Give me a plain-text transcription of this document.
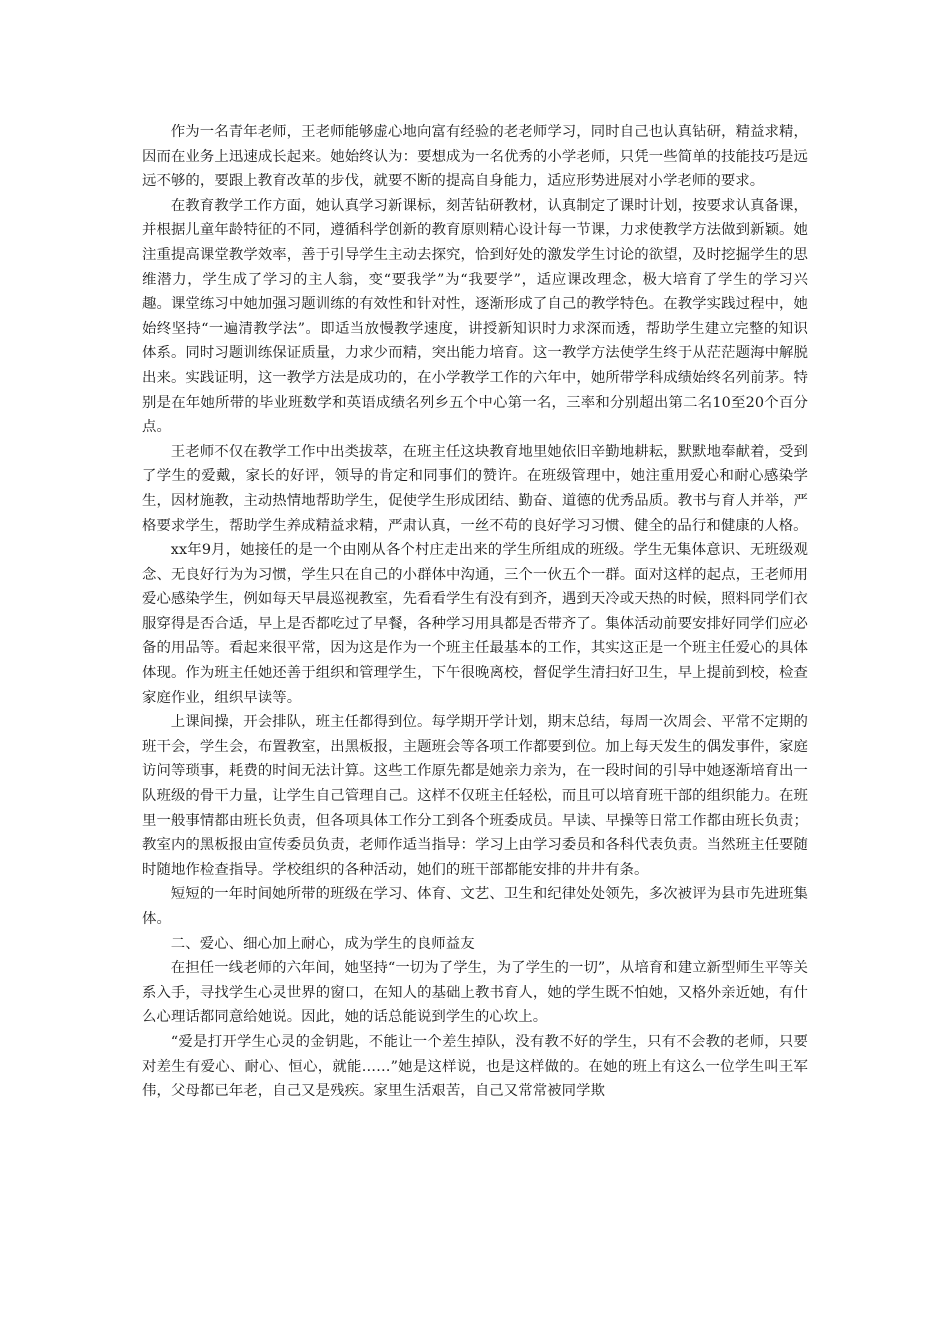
作为一名青年老师，王老师能够虚心地向富有经验的老老师学习，同时自己也认真钻研，精益求精，因而在业务上迅速成长起来。她始终认为：要想成为一名优秀的小学老师，只凭一些简单的技能技巧是远远不够的，要跟上教育改革的步伐，就要不断的提高自身能力，适应形势进展对小学老师的要求。

在教育教学工作方面，她认真学习新课标，刻苦钻研教材，认真制定了课时计划，按要求认真备课，并根据儿童年龄特征的不同，遵循科学创新的教育原则精心设计每一节课，力求使教学方法做到新颖。她注重提高课堂教学效率，善于引导学生主动去探究，恰到好处的激发学生讨论的欲望，及时挖掘学生的思维潜力，学生成了学习的主人翁，变“要我学”为“我要学”，适应课改理念，极大培育了学生的学习兴趣。课堂练习中她加强习题训练的有效性和针对性，逐渐形成了自己的教学特色。在教学实践过程中，她始终坚持“一遍清教学法”。即适当放慢教学速度，讲授新知识时力求深而透，帮助学生建立完整的知识体系。同时习题训练保证质量，力求少而精，突出能力培育。这一教学方法使学生终于从茫茫题海中解脱出来。实践证明，这一教学方法是成功的，在小学教学工作的六年中，她所带学科成绩始终名列前茅。特别是在年她所带的毕业班数学和英语成绩名列乡五个中心第一名，三率和分别超出第二名10至20个百分点。

王老师不仅在教学工作中出类拔萃，在班主任这块教育地里她依旧辛勤地耕耘，默默地奉献着，受到了学生的爱戴，家长的好评，领导的肯定和同事们的赞许。在班级管理中，她注重用爱心和耐心感染学生，因材施教，主动热情地帮助学生，促使学生形成团结、勤奋、道德的优秀品质。教书与育人并举，严格要求学生，帮助学生养成精益求精，严肃认真，一丝不苟的良好学习习惯、健全的品行和健康的人格。

xx年9月，她接任的是一个由刚从各个村庄走出来的学生所组成的班级。学生无集体意识、无班级观念、无良好行为为习惯，学生只在自己的小群体中沟通，三个一伙五个一群。面对这样的起点，王老师用爱心感染学生，例如每天早晨巡视教室，先看看学生有没有到齐，遇到天冷或天热的时候，照料同学们衣服穿得是否合适，早上是否都吃过了早餐，各种学习用具都是否带齐了。集体活动前要安排好同学们应必备的用品等。看起来很平常，因为这是作为一个班主任最基本的工作，其实这正是一个班主任爱心的具体体现。作为班主任她还善于组织和管理学生，下午很晚离校，督促学生清扫好卫生，早上提前到校，检查家庭作业，组织早读等。

上课间操，开会排队，班主任都得到位。每学期开学计划，期末总结，每周一次周会、平常不定期的班干会，学生会，布置教室，出黑板报，主题班会等各项工作都要到位。加上每天发生的偶发事件，家庭访问等琐事，耗费的时间无法计算。这些工作原先都是她亲力亲为，在一段时间的引导中她逐渐培育出一队班级的骨干力量，让学生自己管理自己。这样不仅班主任轻松，而且可以培育班干部的组织能力。在班里一般事情都由班长负责，但各项具体工作分工到各个班委成员。早读、早操等日常工作都由班长负责；教室内的黑板报由宣传委员负责，老师作适当指导：学习上由学习委员和各科代表负责。当然班主任要随时随地作检查指导。学校组织的各种活动，她们的班干部都能安排的井井有条。

短短的一年时间她所带的班级在学习、体育、文艺、卫生和纪律处处领先，多次被评为县市先进班集体。

二、爱心、细心加上耐心，成为学生的良师益友

在担任一线老师的六年间，她坚持“一切为了学生，为了学生的一切”，从培育和建立新型师生平等关系入手，寻找学生心灵世界的窗口，在知人的基础上教书育人，她的学生既不怕她，又格外亲近她，有什么心理话都同意给她说。因此，她的话总能说到学生的心坎上。

“爱是打开学生心灵的金钥匙，不能让一个差生掉队，没有教不好的学生，只有不会教的老师，只要对差生有爱心、耐心、恒心，就能……”她是这样说，也是这样做的。在她的班上有这么一位学生叫王军伟，父母都已年老，自己又是残疾。家里生活艰苦，自己又常常被同学欺
